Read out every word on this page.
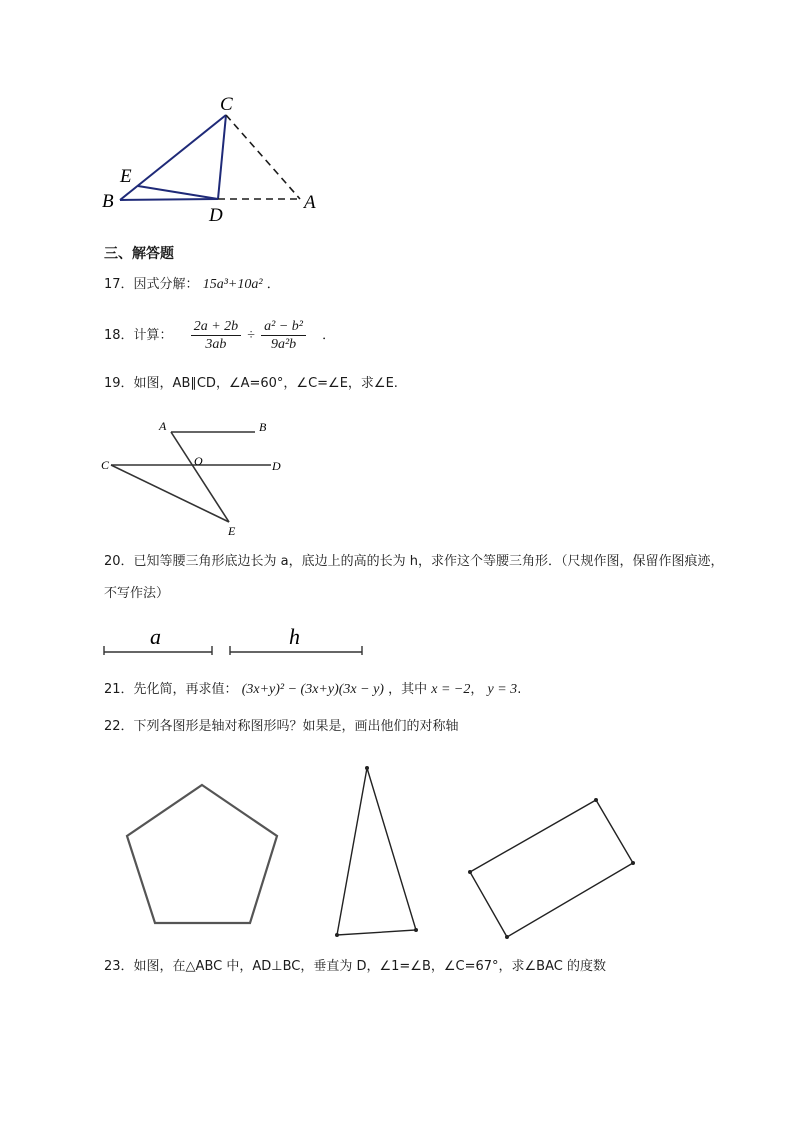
C
E
B
D
A
三、解答题
17．因式分解： 15a³+10a² ．
18．计算： $\frac{2a + 2b}{3ab} \div \frac{\text{a² − b²}}{\text{9a²b}}$ ．
19．如图，AB∥CD，∠A=60°，∠C=∠E，求∠E.
A	B
C	O	D
E
20．已知等腰三角形底边长为 a，底边上的高的长为 h，求作这个等腰三角形．（尺规作图，保留作图痕迹，
不写作法）
a	h
21．先化简，再求值： (3x+y)² − (3x+y)(3x − y) ，其中 x = −2， y = 3.
22．下列各图形是轴对称图形吗？如果是，画出他们的对称轴
23．如图，在△ABC 中，AD⊥BC，垂直为 D，∠1=∠B，∠C=67°，求∠BAC 的度数
